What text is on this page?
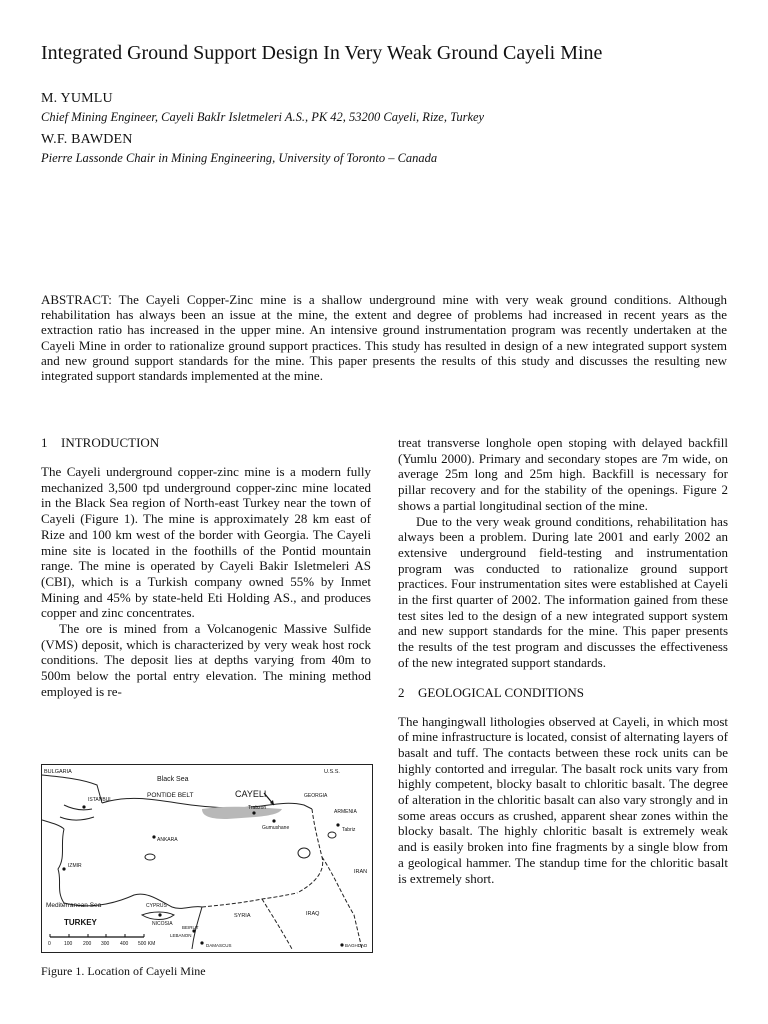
Integrated Ground Support Design In Very Weak Ground Cayeli Mine
M. YUMLU
Chief Mining Engineer, Cayeli BakIr Isletmeleri A.S., PK 42, 53200 Cayeli, Rize, Turkey
W.F. BAWDEN
Pierre Lassonde Chair in Mining Engineering, University of Toronto – Canada

ABSTRACT: The Cayeli Copper-Zinc mine is a shallow underground mine with very weak ground conditions. Although rehabilitation has always been an issue at the mine, the extent and degree of problems had increased in recent years as the extraction ratio has increased in the upper mine. An intensive ground instrumentation program was recently undertaken at the Cayeli Mine in order to rationalize ground support practices. This study has resulted in design of a new integrated support system and new ground support standards for the mine. This paper presents the results of this study and discusses the resulting new integrated support standards implemented at the mine.

1 INTRODUCTION

The Cayeli underground copper-zinc mine is a modern fully mechanized 3,500 tpd underground copper-zinc mine located in the Black Sea region of North-east Turkey near the town of Cayeli (Figure 1). The mine is approximately 28 km east of Rize and 100 km west of the border with Georgia. The Cayeli mine site is located in the foothills of the Pontid mountain range. The mine is operated by Cayeli Bakir Isletmeleri AS (CBI), which is a Turkish company owned 55% by Inmet Mining and 45% by state-held Eti Holding AS., and produces copper and zinc concentrates.

The ore is mined from a Volcanogenic Massive Sulfide (VMS) deposit, which is characterized by very weak host rock conditions. The deposit lies at depths varying from 40m to 500m below the portal entry elevation. The mining method employed is re-

BULGARIA
Black Sea
U.S.S.
ISTANBUL
PONTIDE BELT	CAYELI	GEORGIA
Trabzon
ARMENIA
ANKARA
Gumushane
IZMIR
Tabriz
IRAN
Mediterranean Sea	CYPRUS
NICOSIA
SYRIA	IRAQ
TURKEY
BEIRUT
LEBANON
DAMASCUS	BAGHDAD
0	100 200 300 400 500 KM
Figure 1. Location of Cayeli Mine

treat transverse longhole open stoping with delayed backfill (Yumlu 2000). Primary and secondary stopes are 7m wide, on average 25m long and 25m high. Backfill is necessary for pillar recovery and for the stability of the openings. Figure 2 shows a partial longitudinal section of the mine.

Due to the very weak ground conditions, rehabilitation has always been a problem. During late 2001 and early 2002 an extensive underground field-testing and instrumentation program was conducted to rationalize ground support practices. Four instrumentation sites were established at Cayeli in the first quarter of 2002. The information gained from these test sites led to the design of a new integrated support system and new support standards for the mine. This paper presents the results of the test program and discusses the effectiveness of the new integrated support standards.

2 GEOLOGICAL CONDITIONS

The hangingwall lithologies observed at Cayeli, in which most of mine infrastructure is located, consist of alternating layers of basalt and tuff. The contacts between these rock units can be highly contorted and irregular. The basalt rock units vary from highly competent, blocky basalt to chloritic basalt. The degree of alteration in the chloritic basalt can also vary strongly and in some areas occurs as crushed, apparent shear zones within the blocky basalt. The highly chloritic basalt is extremely weak and is easily broken into fine fragments by a single blow from a geological hammer. The standup time for the chloritic basalt is extremely short.
